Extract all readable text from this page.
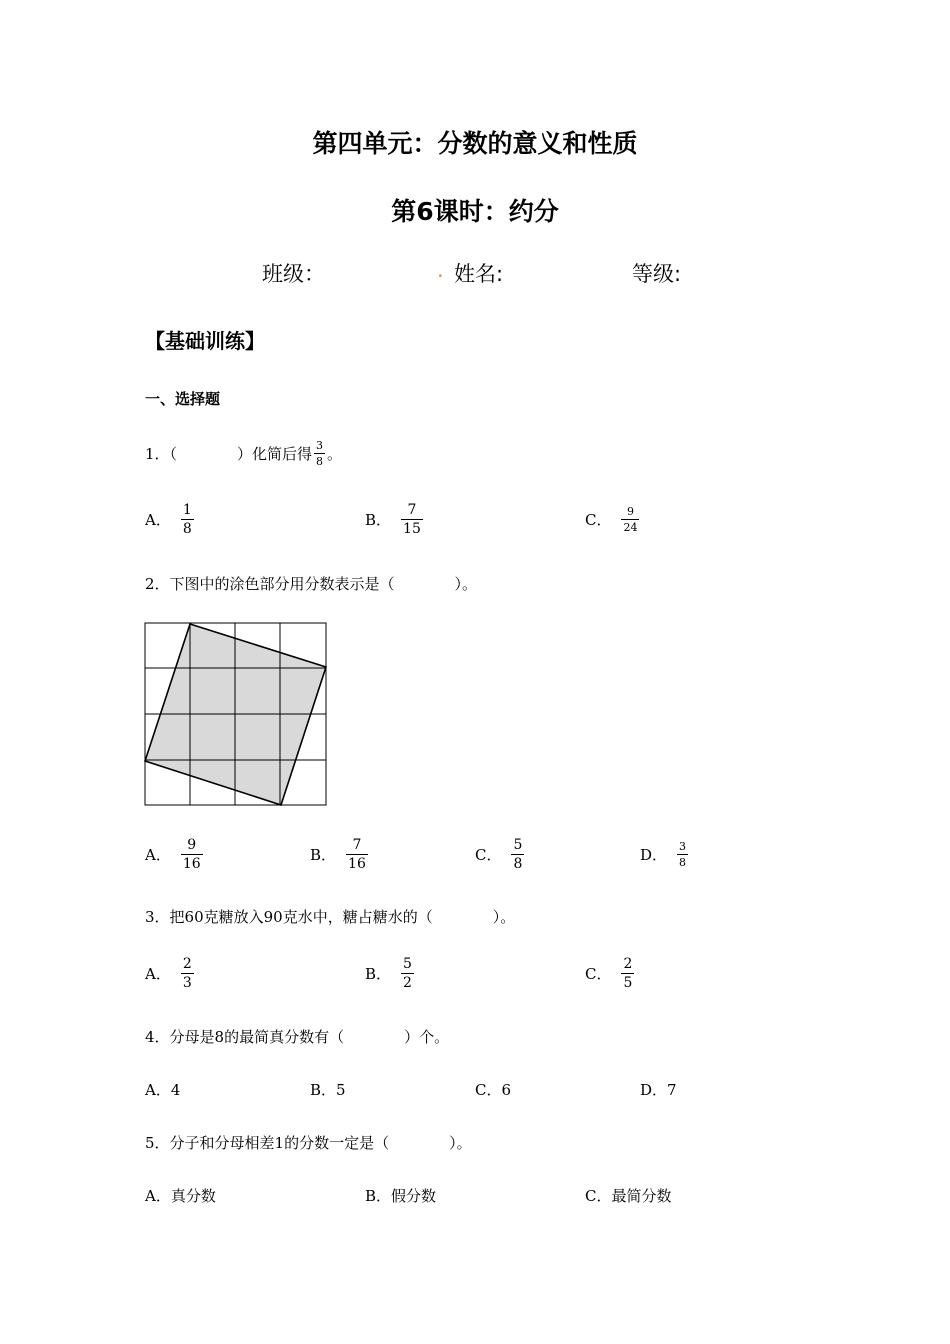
第四单元：分数的意义和性质
第6课时：约分
班级：	. 姓名:	等级:
【基础训练】
一、选择题
1．（　　　　）化简后得 $\frac{3}{8}$ 。
A． $\frac{1}{8}$	B． $\frac{7}{15}$	C． $\frac{9}{24}$
2．下图中的涂色部分用分数表示是（　　　　）。
A． $\frac{9}{16}$	B． $\frac{7}{16}$	C． $\frac{5}{8}$	D． $\frac{3}{8}$
3．把60克糖放入90克水中，糖占糖水的（　　　　）。
A． $\frac{2}{3}$	B． $\frac{5}{2}$	C． $\frac{2}{5}$
4．分母是8的最简真分数有（　　　　）个。
A．4	B．5	C．6	D．7
5．分子和分母相差1的分数一定是（　　　　）。
A．真分数	B．假分数	C．最简分数
